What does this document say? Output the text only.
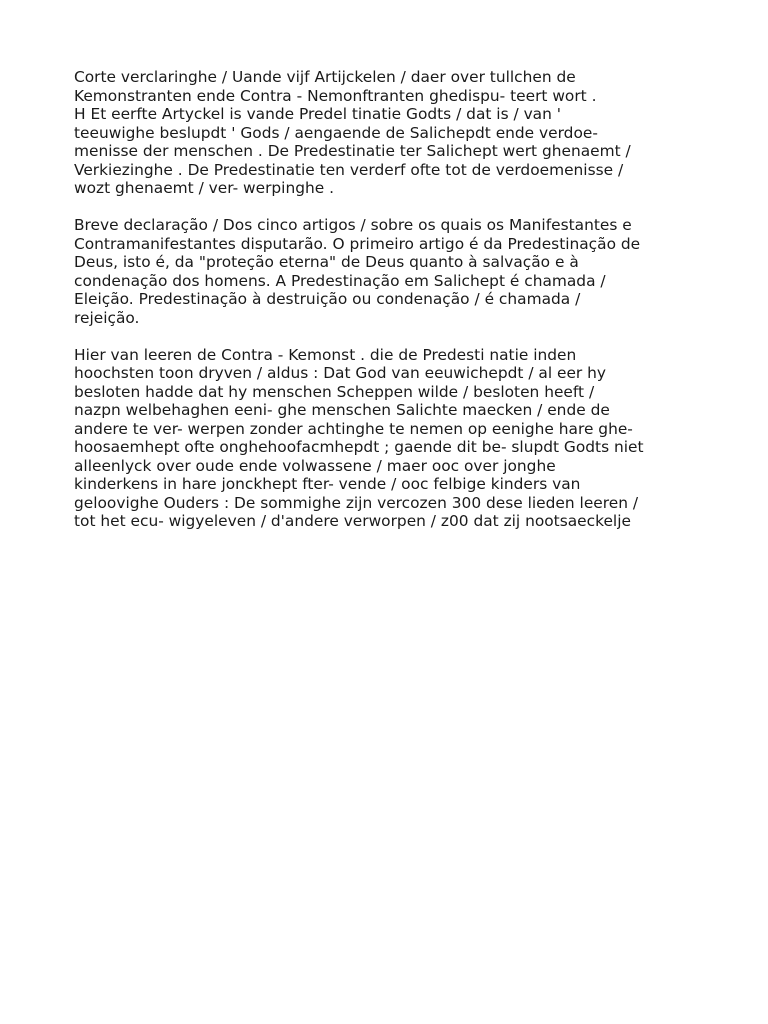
Corte verclaringhe / Uande vijf Artijckelen / daer over tullchen de
Kemonstranten ende Contra - Nemonftranten ghedispu- teert wort .
H Et eerfte Artyckel is vande Predel tinatie Godts / dat is / van '
teeuwighe beslupdt ' Gods / aengaende de Salichepdt ende verdoe-
menisse der menschen . De Predestinatie ter Salichept wert ghenaemt /
Verkiezinghe . De Predestinatie ten verderf ofte tot de verdoemenisse /
wozt ghenaemt / ver- werpinghe .

Breve declaração / Dos cinco artigos / sobre os quais os Manifestantes e
Contramanifestantes disputarão. O primeiro artigo é da Predestinação de
Deus, isto é, da "proteção eterna" de Deus quanto à salvação e à
condenação dos homens. A Predestinação em Salichept é chamada /
Eleição. Predestinação à destruição ou condenação / é chamada /
rejeição.

Hier van leeren de Contra - Kemonst . die de Predesti natie inden
hoochsten toon dryven / aldus : Dat God van eeuwichepdt / al eer hy
besloten hadde dat hy menschen Scheppen wilde / besloten heeft /
nazpn welbehaghen eeni- ghe menschen Salichte maecken / ende de
andere te ver- werpen zonder achtinghe te nemen op eenighe hare ghe-
hoosaemhept ofte onghehoofacmhepdt ; gaende dit be- slupdt Godts niet
alleenlyck over oude ende volwassene / maer ooc over jonghe
kinderkens in hare jonckhept fter- vende / ooc felbige kinders van
geloovighe Ouders : De sommighe zijn vercozen 300 dese lieden leeren /
tot het ecu- wigyeleven / d'andere verworpen / z00 dat zij nootsaeckelje
